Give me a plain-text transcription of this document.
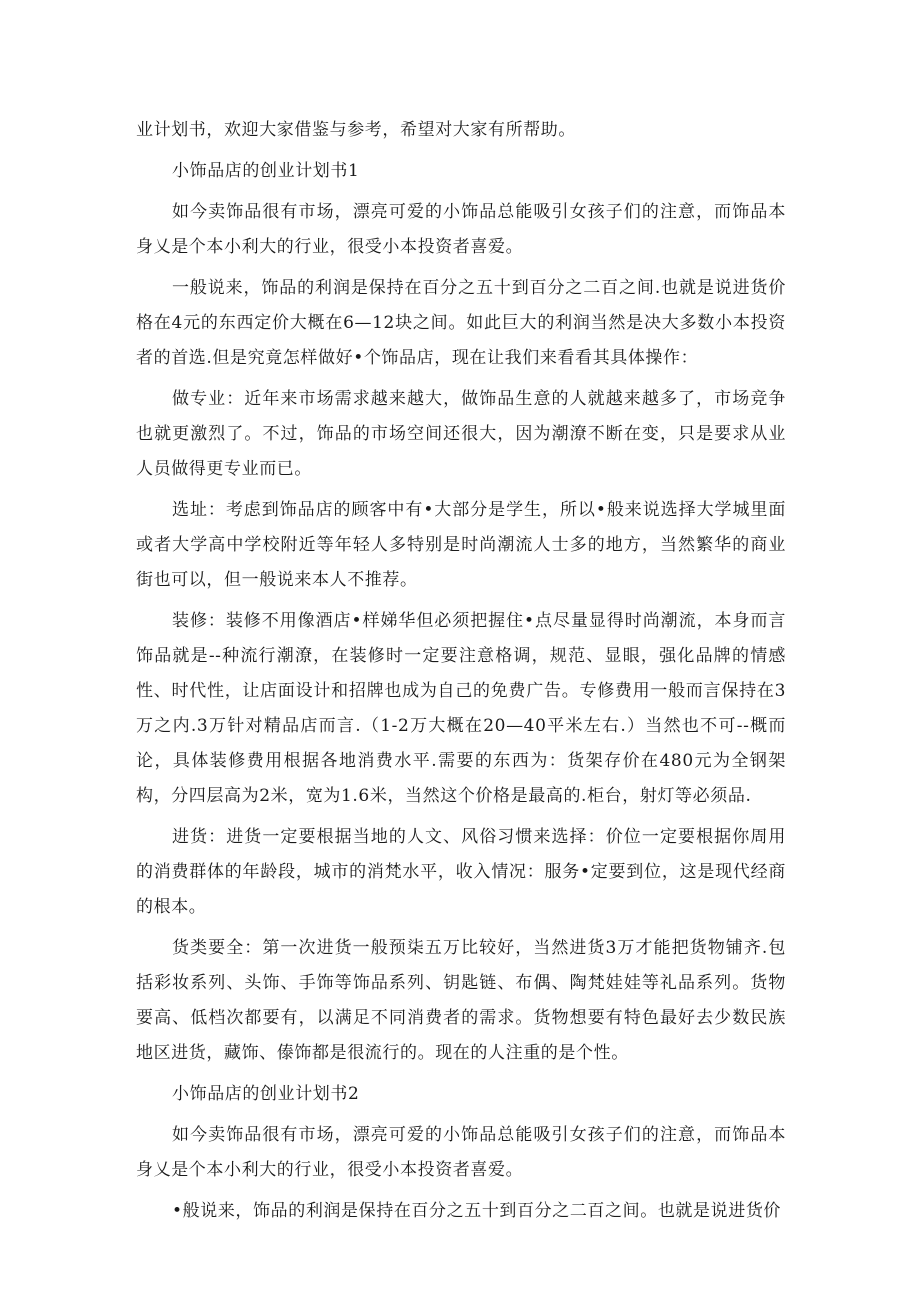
业计划书，欢迎大家借鉴与参考，希望对大家有所帮助。

小饰品店的创业计划书1

如今卖饰品很有市场，漂亮可爱的小饰品总能吸引女孩子们的注意，而饰品本身乂是个本小利大的行业，很受小本投资者喜爱。

一般说来，饰品的利润是保持在百分之五十到百分之二百之间.也就是说进货价格在4元的东西定价大概在6—12块之间。如此巨大的利润当然是决大多数小本投资者的首选.但是究竟怎样做好•个饰品店，现在让我们来看看其具体操作：

做专业：近年来市场需求越来越大，做饰品生意的人就越来越多了，市场竞争也就更激烈了。不过，饰品的市场空间还很大，因为潮潦不断在变，只是要求从业人员做得更专业而已。

选址：考虑到饰品店的顾客中有•大部分是学生，所以•般来说选择大学城里面或者大学高中学校附近等年轻人多特别是时尚潮流人士多的地方，当然繁华的商业街也可以，但一般说来本人不推荐。

装修：装修不用像酒店•样娣华但必须把握住•点尽量显得时尚潮流，本身而言饰品就是--种流行潮潦，在装修时一定要注意格调，规范、显眼，强化品牌的情感性、时代性，让店面设计和招牌也成为自己的免费广告。专修费用一般而言保持在3万之内.3万针对精品店而言.（1-2万大概在20—40平米左右.）当然也不可--概而论，具体装修费用根据各地消费水平.需要的东西为：货架存价在480元为全钢架构，分四层高为2米，宽为1.6米，当然这个价格是最高的.柜台，射灯等必须品.

进货：进货一定要根据当地的人文、风俗习惯来选择：价位一定要根据你周用的消费群体的年龄段，城市的消梵水平，收入情况：服务•定要到位，这是现代经商的根本。

货类要全：第一次进货一般预柒五万比较好，当然进货3万才能把货物铺齐.包括彩妆系列、头饰、手饰等饰品系列、钥匙链、布偶、陶梵娃娃等礼品系列。货物要高、低档次都要有，以满足不同消费者的需求。货物想要有特色最好去少数民族地区进货，藏饰、傣饰都是很流行的。现在的人注重的是个性。

小饰品店的创业计划书2

如今卖饰品很有市场，漂亮可爱的小饰品总能吸引女孩子们的注意，而饰品本身乂是个本小利大的行业，很受小本投资者喜爱。

•般说来，饰品的利润是保持在百分之五十到百分之二百之间。也就是说进货价
